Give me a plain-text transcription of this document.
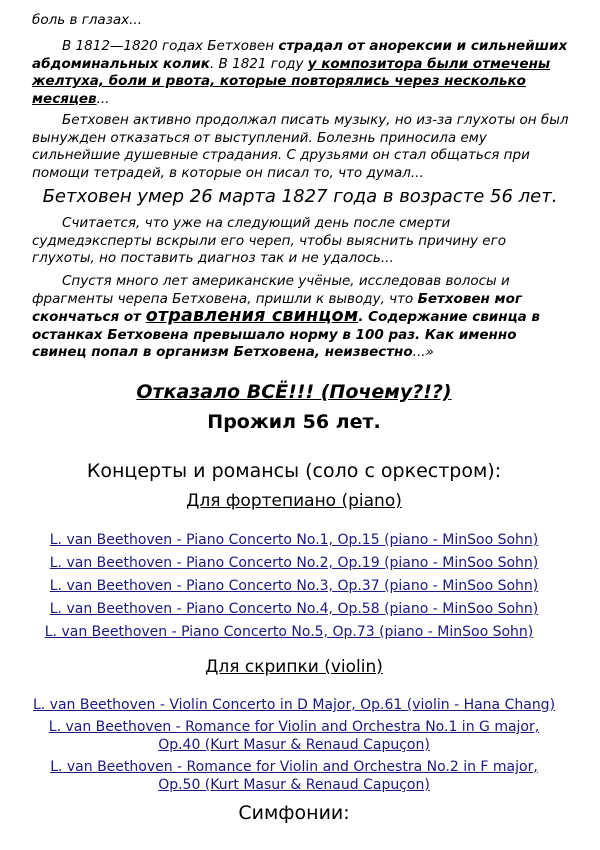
боль в глазах...

В 1812—1820 годах Бетховен страдал от анорексии и сильнейших абдоминальных колик. В 1821 году у композитора были отмечены желтуха, боли и рвота, которые повторялись через несколько месяцев...

Бетховен активно продолжал писать музыку, но из-за глухоты он был вынужден отказаться от выступлений. Болезнь приносила ему сильнейшие душевные страдания. С друзьями он стал общаться при помощи тетрадей, в которые он писал то, что думал...

Бетховен умер 26 марта 1827 года в возрасте 56 лет.

Считается, что уже на следующий день после смерти судмедэксперты вскрыли его череп, чтобы выяснить причину его глухоты, но поставить диагноз так и не удалось...

Спустя много лет американские учёные, исследовав волосы и фрагменты черепа Бетховена, пришли к выводу, что Бетховен мог скончаться от отравления свинцом. Содержание свинца в останках Бетховена превышало норму в 100 раз. Как именно свинец попал в организм Бетховена, неизвестно...»

Отказало ВСЁ!!! (Почему?!?)
Прожил 56 лет.
Концерты и романсы (соло с оркестром):
Для фортепиано (piano)
L. van Beethoven - Piano Concerto No.1, Op.15 (piano - MinSoo Sohn)
L. van Beethoven - Piano Concerto No.2, Op.19 (piano - MinSoo Sohn)
L. van Beethoven - Piano Concerto No.3, Op.37 (piano - MinSoo Sohn)
L. van Beethoven - Piano Concerto No.4, Op.58 (piano - MinSoo Sohn)
L. van Beethoven - Piano Concerto No.5, Op.73 (piano - MinSoo Sohn)
Для скрипки (violin)
L. van Beethoven - Violin Concerto in D Major, Op.61 (violin - Hana Chang)
L. van Beethoven - Romance for Violin and Orchestra No.1 in G major, Op.40 (Kurt Masur & Renaud Capuçon)
L. van Beethoven - Romance for Violin and Orchestra No.2 in F major, Op.50 (Kurt Masur & Renaud Capuçon)
Симфонии:
